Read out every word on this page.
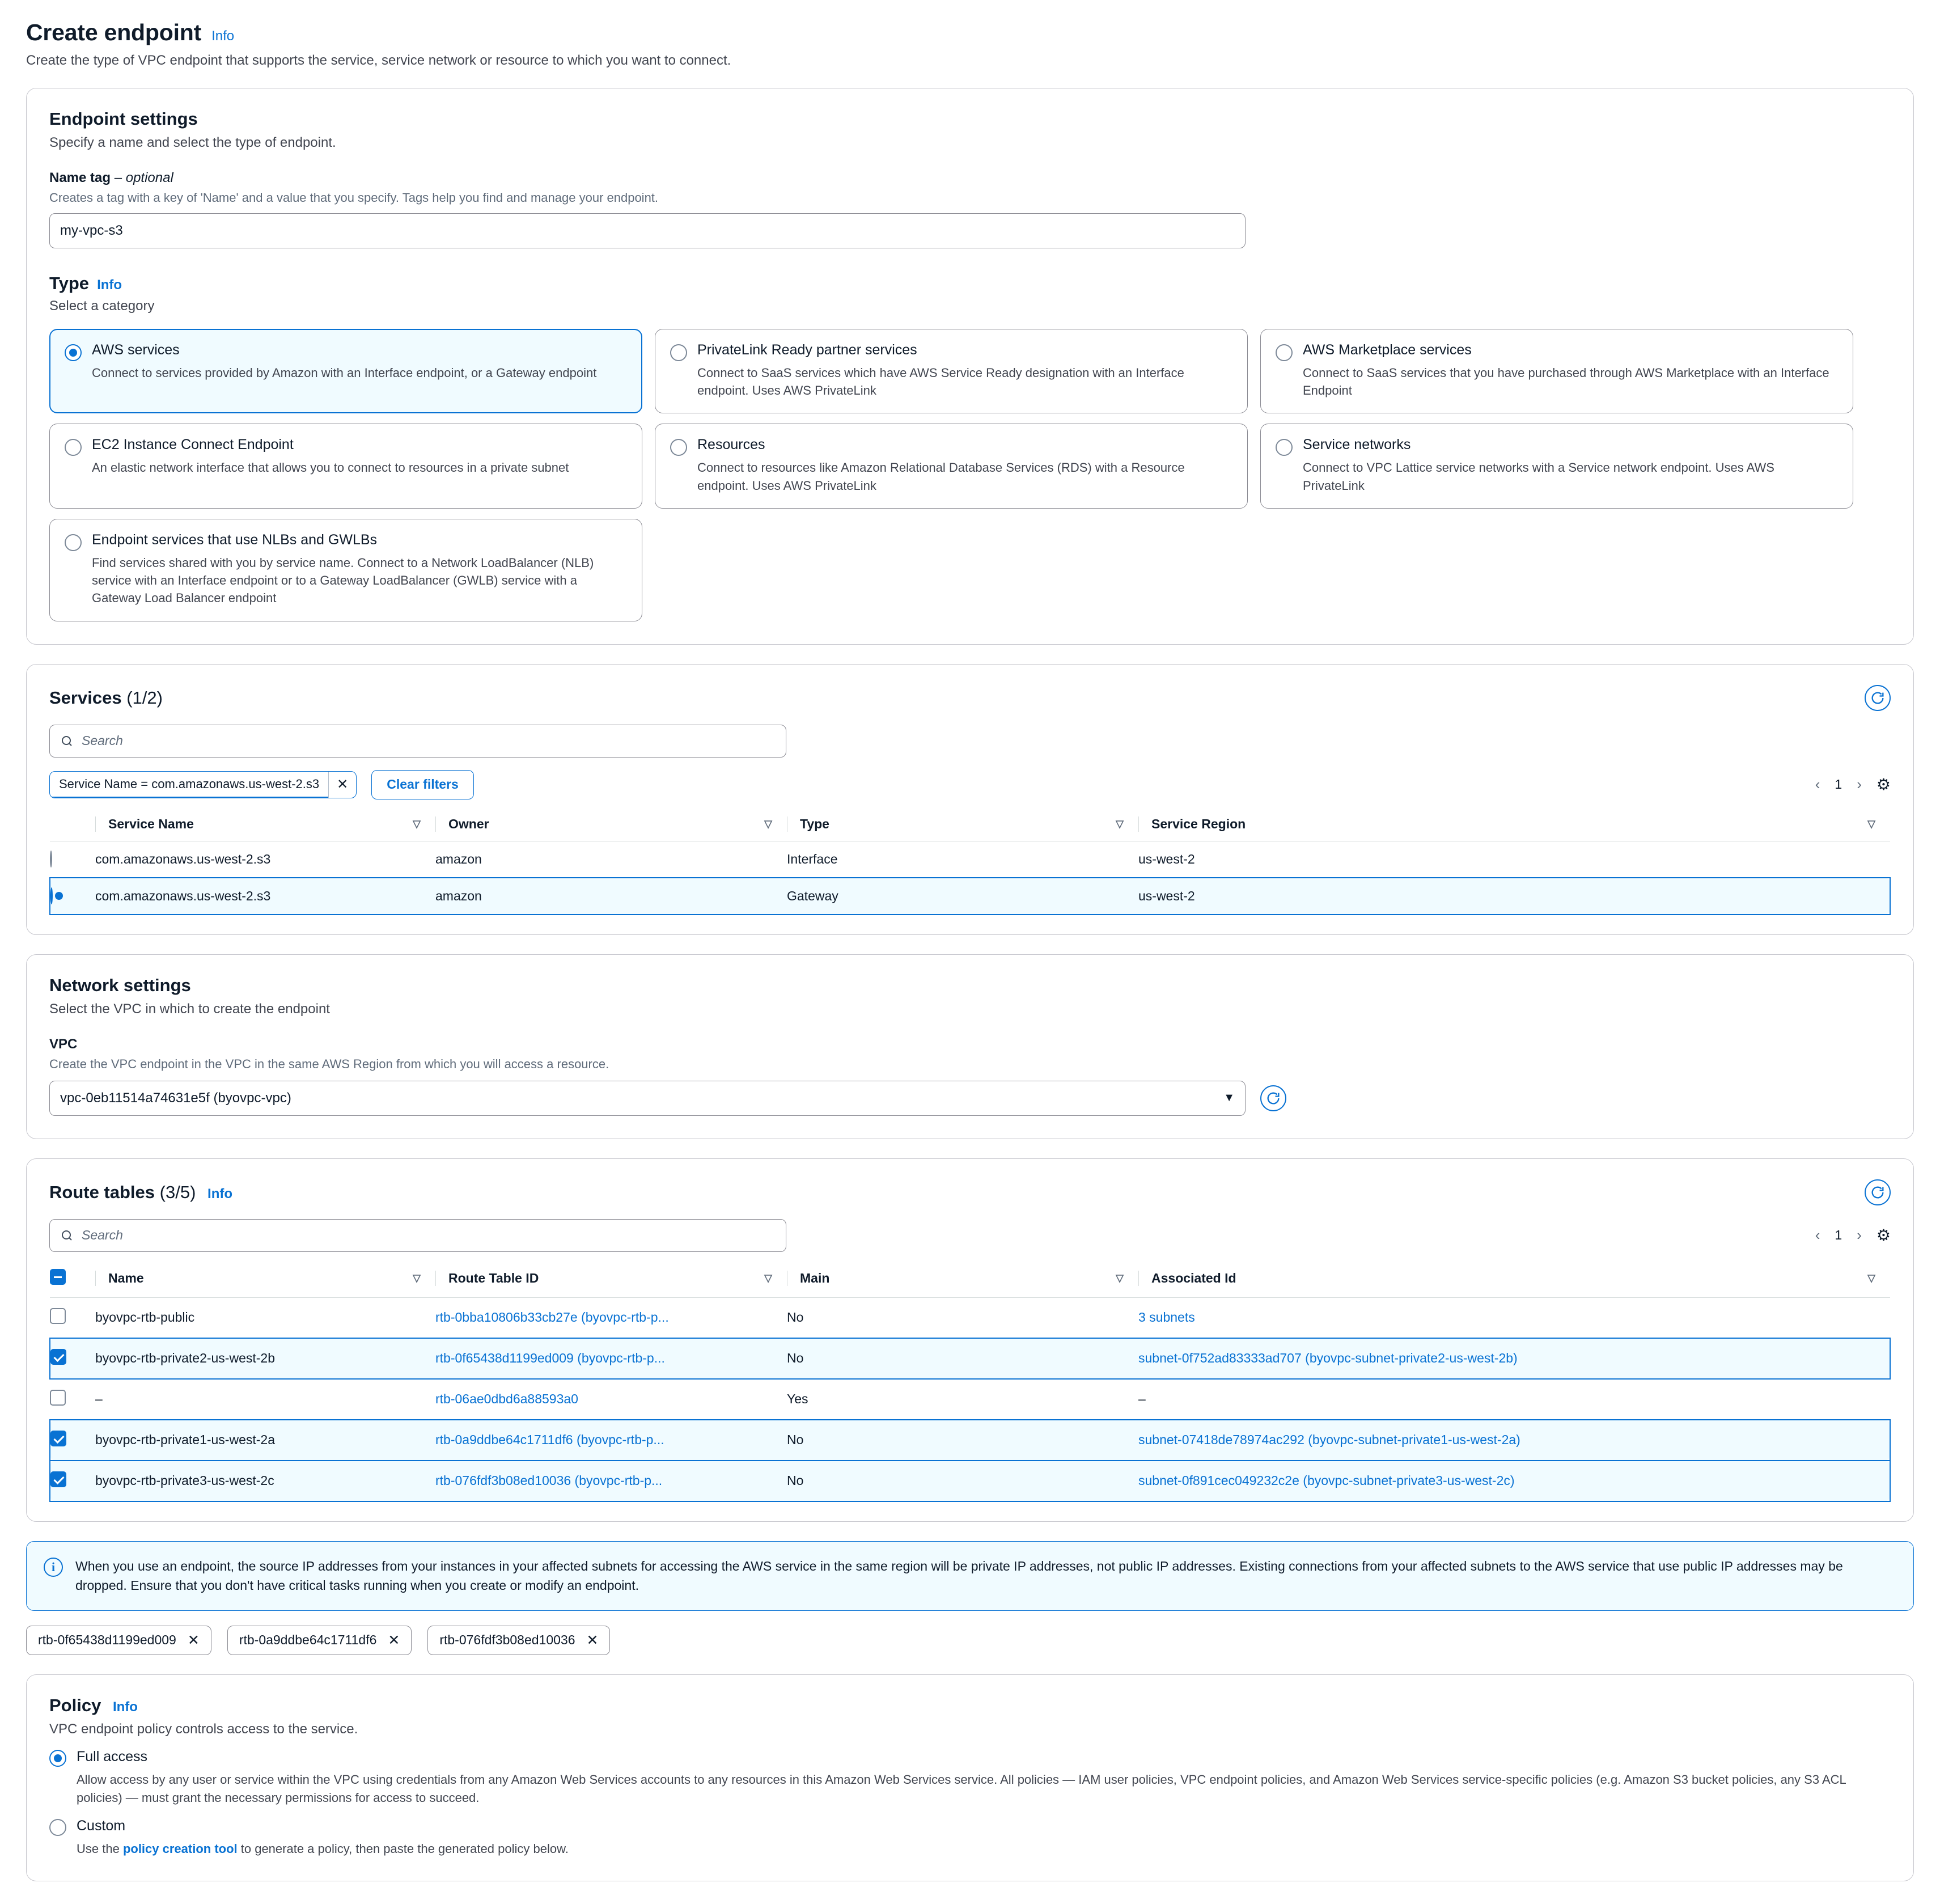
Create endpoint Info
Create the type of VPC endpoint that supports the service, service network or resource to which you want to connect.
Endpoint settings
Specify a name and select the type of endpoint.
Name tag – optional
Creates a tag with a key of 'Name' and a value that you specify. Tags help you find and manage your endpoint.
my-vpc-s3
Type Info
Select a category
AWS services
Connect to services provided by Amazon with an Interface endpoint, or a Gateway endpoint
PrivateLink Ready partner services
Connect to SaaS services which have AWS Service Ready designation with an Interface endpoint. Uses AWS PrivateLink
AWS Marketplace services
Connect to SaaS services that you have purchased through AWS Marketplace with an Interface Endpoint
EC2 Instance Connect Endpoint
An elastic network interface that allows you to connect to resources in a private subnet
Resources
Connect to resources like Amazon Relational Database Services (RDS) with a Resource endpoint. Uses AWS PrivateLink
Service networks
Connect to VPC Lattice service networks with a Service network endpoint. Uses AWS PrivateLink
Endpoint services that use NLBs and GWLBs
Find services shared with you by service name. Connect to a Network LoadBalancer (NLB) service with an Interface endpoint or to a Gateway LoadBalancer (GWLB) service with a Gateway Load Balancer endpoint
Services (1/2)
Search
Service Name = com.amazonaws.us-west-2.s3	✕	Clear filters	‹ 1 › ⚙

	Service Name ▽	Owner ▽	Type ▽	Service Region ▽

	com.amazonaws.us-west-2.s3	amazon	Interface	us-west-2
	com.amazonaws.us-west-2.s3	amazon	Gateway	us-west-2
Network settings
Select the VPC in which to create the endpoint
VPC
Create the VPC endpoint in the VPC in the same AWS Region from which you will access a resource.
vpc-0eb11514a74631e5f (byovpc-vpc)	▼
Route tables (3/5) Info
Search	‹ 1 › ⚙

	Name ▽	Route Table ID ▽	Main ▽	Associated Id ▽

	byovpc-rtb-public	rtb-0bba10806b33cb27e (byovpc-rtb-p...	No	3 subnets
	byovpc-rtb-private2-us-west-2b	rtb-0f65438d1199ed009 (byovpc-rtb-p...	No	subnet-0f752ad83333ad707 (byovpc-subnet-private2-us-west-2b)
	–	rtb-06ae0dbd6a88593a0	Yes	–
	byovpc-rtb-private1-us-west-2a	rtb-0a9ddbe64c1711df6 (byovpc-rtb-p...	No	subnet-07418de78974ac292 (byovpc-subnet-private1-us-west-2a)
	byovpc-rtb-private3-us-west-2c	rtb-076fdf3b08ed10036 (byovpc-rtb-p...	No	subnet-0f891cec049232c2e (byovpc-subnet-private3-us-west-2c)
i	When you use an endpoint, the source IP addresses from your instances in your affected subnets for accessing the AWS service in the same region will be private IP addresses, not public IP addresses. Existing connections from your affected subnets to the AWS service that use public IP addresses may be dropped. Ensure that you don't have critical tasks running when you create or modify an endpoint.
rtb-0f65438d1199ed009 ✕	rtb-0a9ddbe64c1711df6 ✕	rtb-076fdf3b08ed10036 ✕
Policy Info
VPC endpoint policy controls access to the service.
Full access
Allow access by any user or service within the VPC using credentials from any Amazon Web Services accounts to any resources in this Amazon Web Services service. All policies — IAM user policies, VPC endpoint policies, and Amazon Web Services service-specific policies (e.g. Amazon S3 bucket policies, any S3 ACL policies) — must grant the necessary permissions for access to succeed.
Custom
Use the policy creation tool to generate a policy, then paste the generated policy below.
